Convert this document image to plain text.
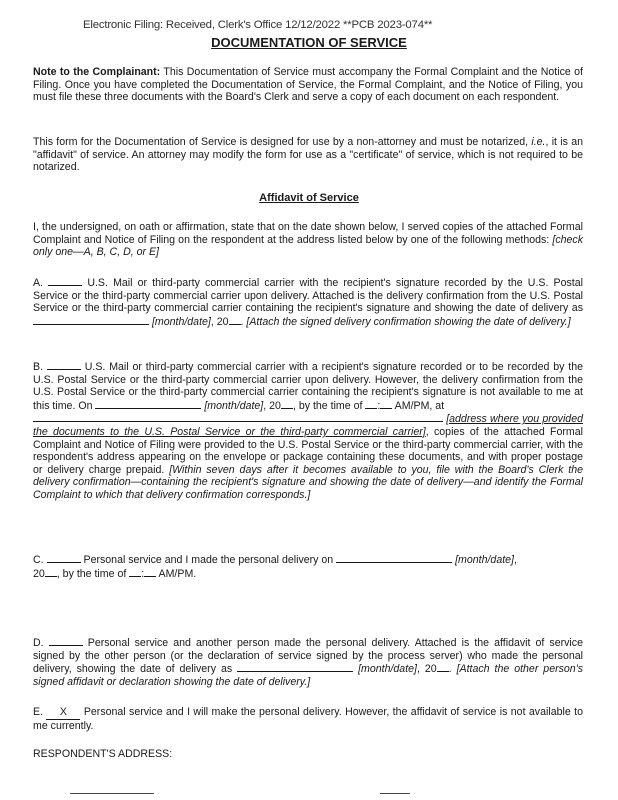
Electronic Filing: Received, Clerk's Office 12/12/2022 **PCB 2023-074**
DOCUMENTATION OF SERVICE
Note to the Complainant: This Documentation of Service must accompany the Formal Complaint and the Notice of Filing. Once you have completed the Documentation of Service, the Formal Complaint, and the Notice of Filing, you must file these three documents with the Board's Clerk and serve a copy of each document on each respondent.
This form for the Documentation of Service is designed for use by a non-attorney and must be notarized, i.e., it is an "affidavit" of service. An attorney may modify the form for use as a "certificate" of service, which is not required to be notarized.
Affidavit of Service
I, the undersigned, on oath or affirmation, state that on the date shown below, I served copies of the attached Formal Complaint and Notice of Filing on the respondent at the address listed below by one of the following methods: [check only one—A, B, C, D, or E]
A.	U.S. Mail or third-party commercial carrier with the recipient's signature recorded by the U.S. Postal Service or the third-party commercial carrier upon delivery. Attached is the delivery confirmation from the U.S. Postal Service or the third-party commercial carrier containing the recipient's signature and showing the date of delivery as  [month/date], 20 . [Attach the signed delivery confirmation showing the date of delivery.]
B.	U.S. Mail or third-party commercial carrier with a recipient's signature recorded or to be recorded by the U.S. Postal Service or the third-party commercial carrier upon delivery. However, the delivery confirmation from the U.S. Postal Service or the third-party commercial carrier containing the recipient's signature is not available to me at this time. On	[month/date], 20 , by the time of : AM/PM, at
[address where you provided the documents to the U.S. Postal Service or the third-party commercial carrier], copies of the attached Formal Complaint and Notice of Filing were provided to the U.S. Postal Service or the third-party commercial carrier, with the respondent's address appearing on the envelope or package containing these documents, and with proper postage or delivery charge prepaid. [Within seven days after it becomes available to you, file with the Board's Clerk the delivery confirmation—containing the recipient's signature and showing the date of delivery—and identify the Formal Complaint to which that delivery confirmation corresponds.]
C.	Personal service and I made the personal delivery on	[month/date],
20 , by the time of : AM/PM.
D.	Personal service and another person made the personal delivery. Attached is the affidavit of service signed by the other person (or the declaration of service signed by the process server) who made the personal delivery, showing the date of delivery as	[month/date], 20 . [Attach the other person's signed affidavit or declaration showing the date of delivery.]
E. X Personal service and I will make the personal delivery. However, the affidavit of service is not available to me currently.
RESPONDENT'S ADDRESS:
